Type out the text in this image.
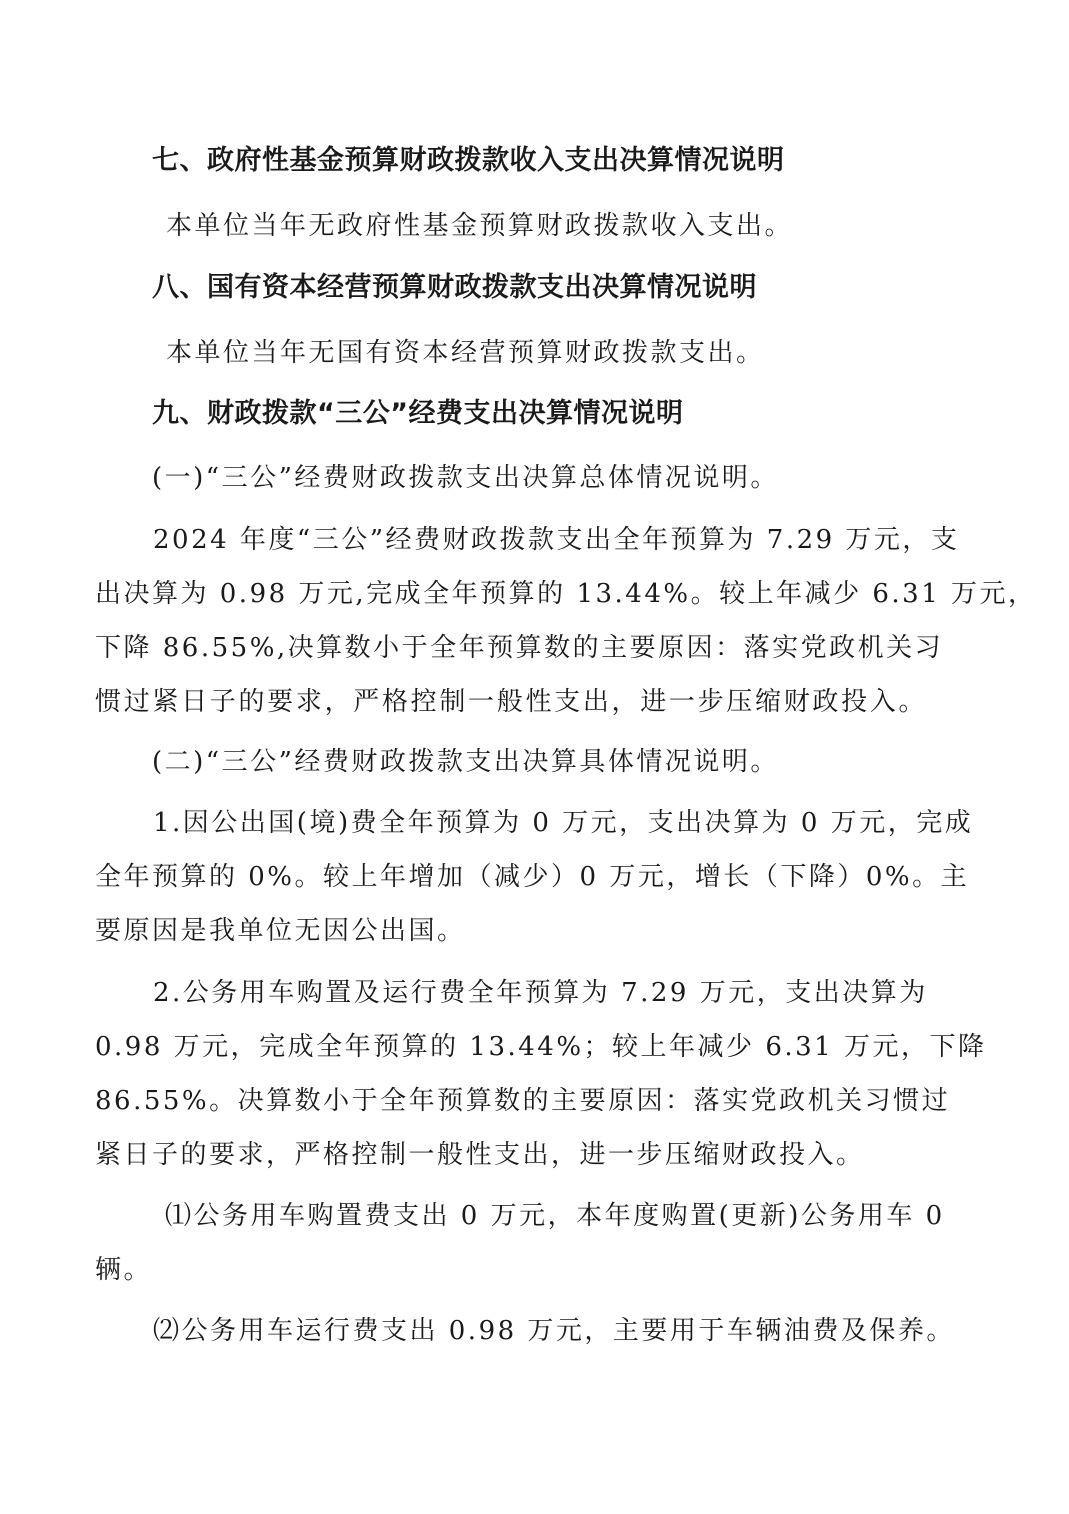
七、政府性基金预算财政拨款收入支出决算情况说明
本单位当年无政府性基金预算财政拨款收入支出。
八、国有资本经营预算财政拨款支出决算情况说明
本单位当年无国有资本经营预算财政拨款支出。
九、财政拨款“三公”经费支出决算情况说明
(一)“三公”经费财政拨款支出决算总体情况说明。
2024 年度“三公”经费财政拨款支出全年预算为 7.29 万元，支
出决算为 0.98 万元,完成全年预算的 13.44%。较上年减少 6.31 万元，
下降 86.55%,决算数小于全年预算数的主要原因：落实党政机关习
惯过紧日子的要求，严格控制一般性支出，进一步压缩财政投入。
(二)“三公”经费财政拨款支出决算具体情况说明。
1.因公出国(境)费全年预算为 0 万元，支出决算为 0 万元，完成
全年预算的 0%。较上年增加（减少）0 万元，增长（下降）0%。主
要原因是我单位无因公出国。
2.公务用车购置及运行费全年预算为 7.29 万元，支出决算为
0.98 万元，完成全年预算的 13.44%；较上年减少 6.31 万元，下降
86.55%。决算数小于全年预算数的主要原因：落实党政机关习惯过
紧日子的要求，严格控制一般性支出，进一步压缩财政投入。
⑴公务用车购置费支出 0 万元，本年度购置(更新)公务用车 0
辆。
⑵公务用车运行费支出 0.98 万元，主要用于车辆油费及保养。
